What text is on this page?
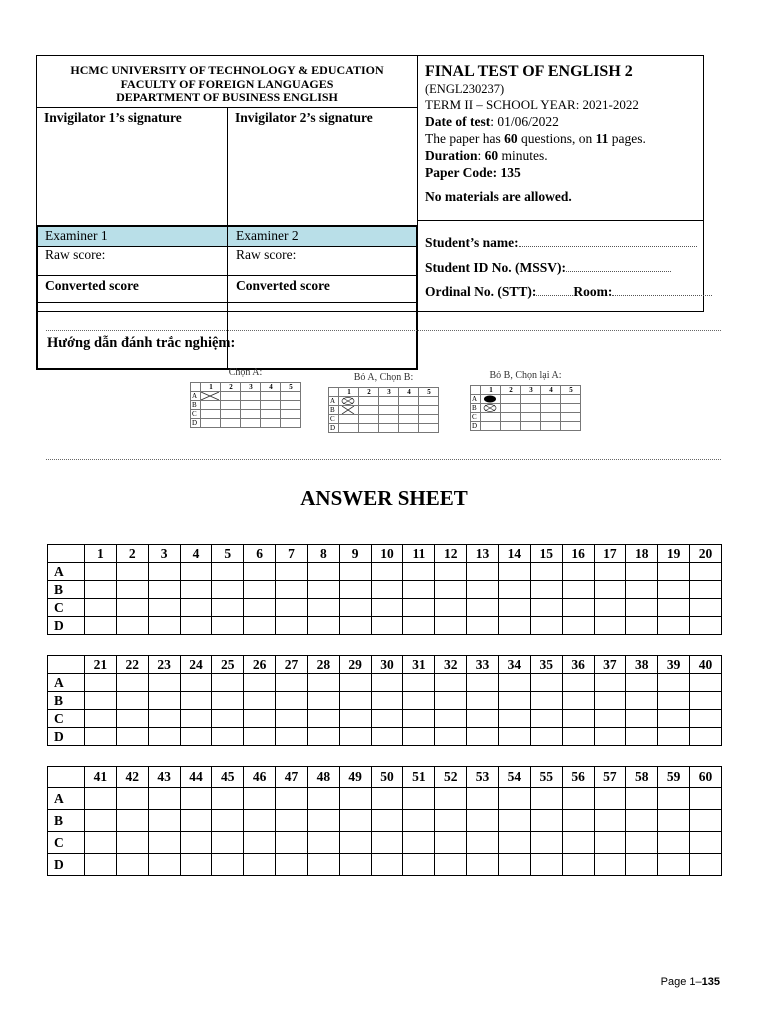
HCMC UNIVERSITY OF TECHNOLOGY & EDUCATION
FACULTY OF FOREIGN LANGUAGES
DEPARTMENT OF BUSINESS ENGLISH
Invigilator 1’s signature	Invigilator 2’s signature
Examiner 1	Examiner 2
Raw score:	Raw score:
Converted score	Converted score
FINAL TEST OF ENGLISH 2
(ENGL230237)
TERM II – SCHOOL YEAR: 2021-2022
Date of test: 01/06/2022
The paper has 60 questions, on 11 pages.
Duration: 60 minutes.
Paper Code: 135
No materials are allowed.
Student’s name:
Student ID No. (MSSV):
Ordinal No. (STT):	Room:
Hướng dẫn đánh trắc nghiệm:
Chọn A:
	1	2	3	4	5
A	

B					
C					
D					
Bỏ A, Chọn B:
	1	2	3	4	5
A	

B	

C					
D					
Bỏ B, Chọn lại A:
	1	2	3	4	5
A	

B	

C					
D					
ANSWER SHEET
	1	2	3	4	5	6	7	8	9	10	11	12	13	14	15	16	17	18	19	20
A																				
B																				
C																				
D																				
	21	22	23	24	25	26	27	28	29	30	31	32	33	34	35	36	37	38	39	40
A																				
B																				
C																				
D																				
	41	42	43	44	45	46	47	48	49	50	51	52	53	54	55	56	57	58	59	60
A																				
B																				
C																				
D																				
Page 1–135
